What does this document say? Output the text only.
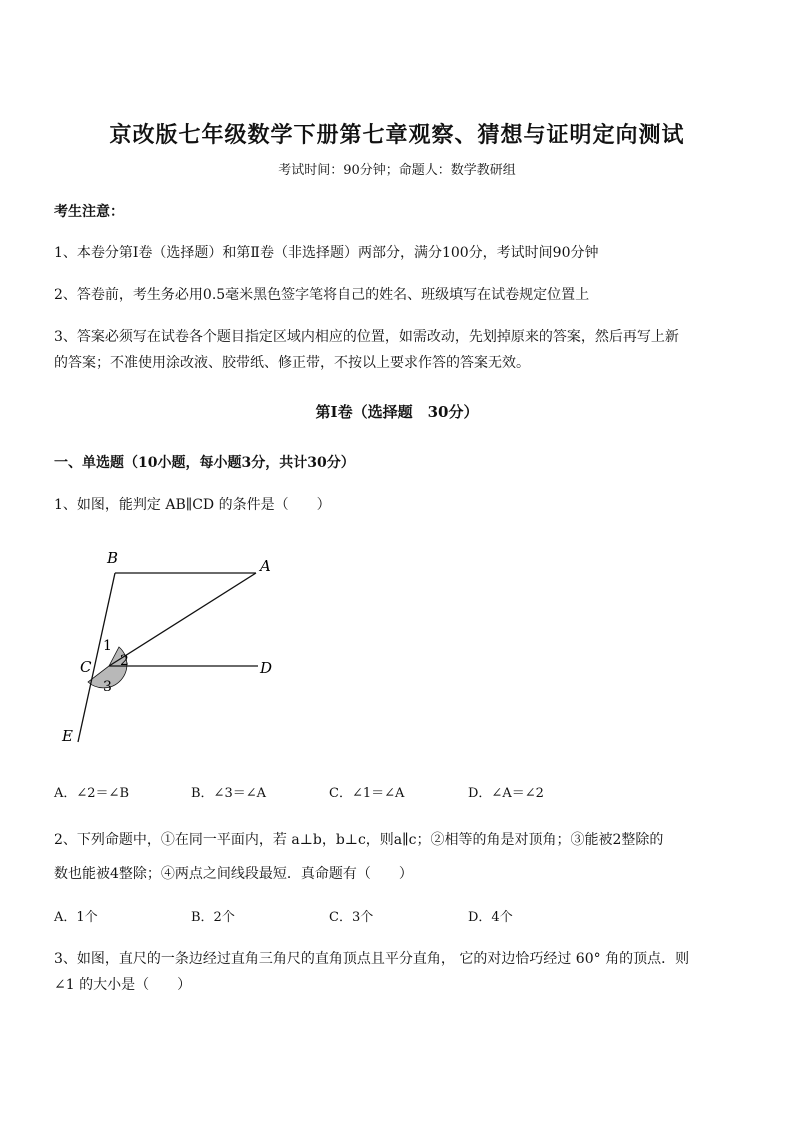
京改版七年级数学下册第七章观察、猜想与证明定向测试
考试时间：90分钟；命题人：数学教研组
考生注意：
1、本卷分第Ⅰ卷（选择题）和第Ⅱ卷（非选择题）两部分，满分100分，考试时间90分钟
2、答卷前，考生务必用0.5毫米黑色签字笔将自己的姓名、班级填写在试卷规定位置上
3、答案必须写在试卷各个题目指定区域内相应的位置，如需改动，先划掉原来的答案，然后再写上新
的答案；不准使用涂改液、胶带纸、修正带，不按以上要求作答的答案无效。
第Ⅰ卷（选择题　30分）
一、单选题（10小题，每小题3分，共计30分）
1、如图，能判定 AB∥CD 的条件是（　　）
B	A
C	D
E
1
2
3
A．∠2＝∠B	B．∠3＝∠A	C．∠1＝∠A	D．∠A＝∠2
2、下列命题中，①在同一平面内，若 a⊥b，b⊥c，则a∥c；②相等的角是对顶角；③能被2整除的
数也能被4整除；④两点之间线段最短．真命题有（　　）
A．1个	B．2个	C．3个	D．4个
3、如图，直尺的一条边经过直角三角尺的直角顶点且平分直角， 它的对边恰巧经过 60° 角的顶点．则
∠1 的大小是（　　）
